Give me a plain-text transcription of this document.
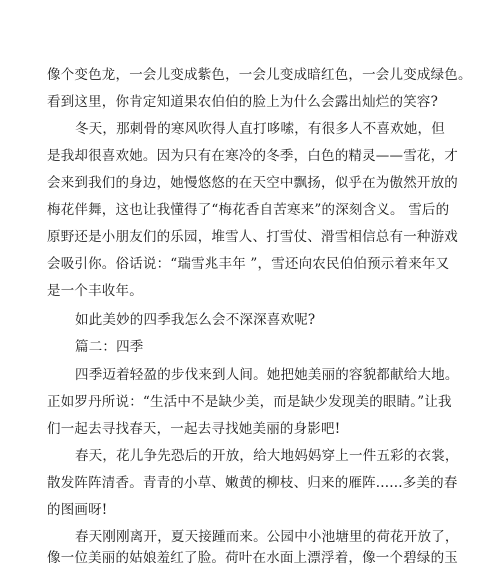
像个变色龙，一会儿变成紫色，一会儿变成暗红色，一会儿变成绿色。
看到这里，你肯定知道果农伯伯的脸上为什么会露出灿烂的笑容?
冬天，那刺骨的寒风吹得人直打哆嗦，有很多人不喜欢她，但
是我却很喜欢她。因为只有在寒冷的冬季，白色的精灵——雪花，才
会来到我们的身边，她慢悠悠的在天空中飘扬，似乎在为傲然开放的
梅花伴舞，这也让我懂得了“梅花香自苦寒来”的深刻含义。 雪后的
原野还是小朋友们的乐园，堆雪人、打雪仗、滑雪相信总有一种游戏
会吸引你。俗话说：“瑞雪兆丰年 ”，雪还向农民伯伯预示着来年又
是一个丰收年。
如此美妙的四季我怎么会不深深喜欢呢?
篇二：四季
四季迈着轻盈的步伐来到人间。她把她美丽的容貌都献给大地。
正如罗丹所说：“生活中不是缺少美，而是缺少发现美的眼睛。”让我
们一起去寻找春天，一起去寻找她美丽的身影吧!
春天，花儿争先恐后的开放，给大地妈妈穿上一件五彩的衣裳，
散发阵阵清香。青青的小草、嫩黄的柳枝、归来的雁阵......多美的春
的图画呀!
春天刚刚离开，夏天接踵而来。公园中小池塘里的荷花开放了，
像一位美丽的姑娘羞红了脸。荷叶在水面上漂浮着，像一个碧绿的玉
